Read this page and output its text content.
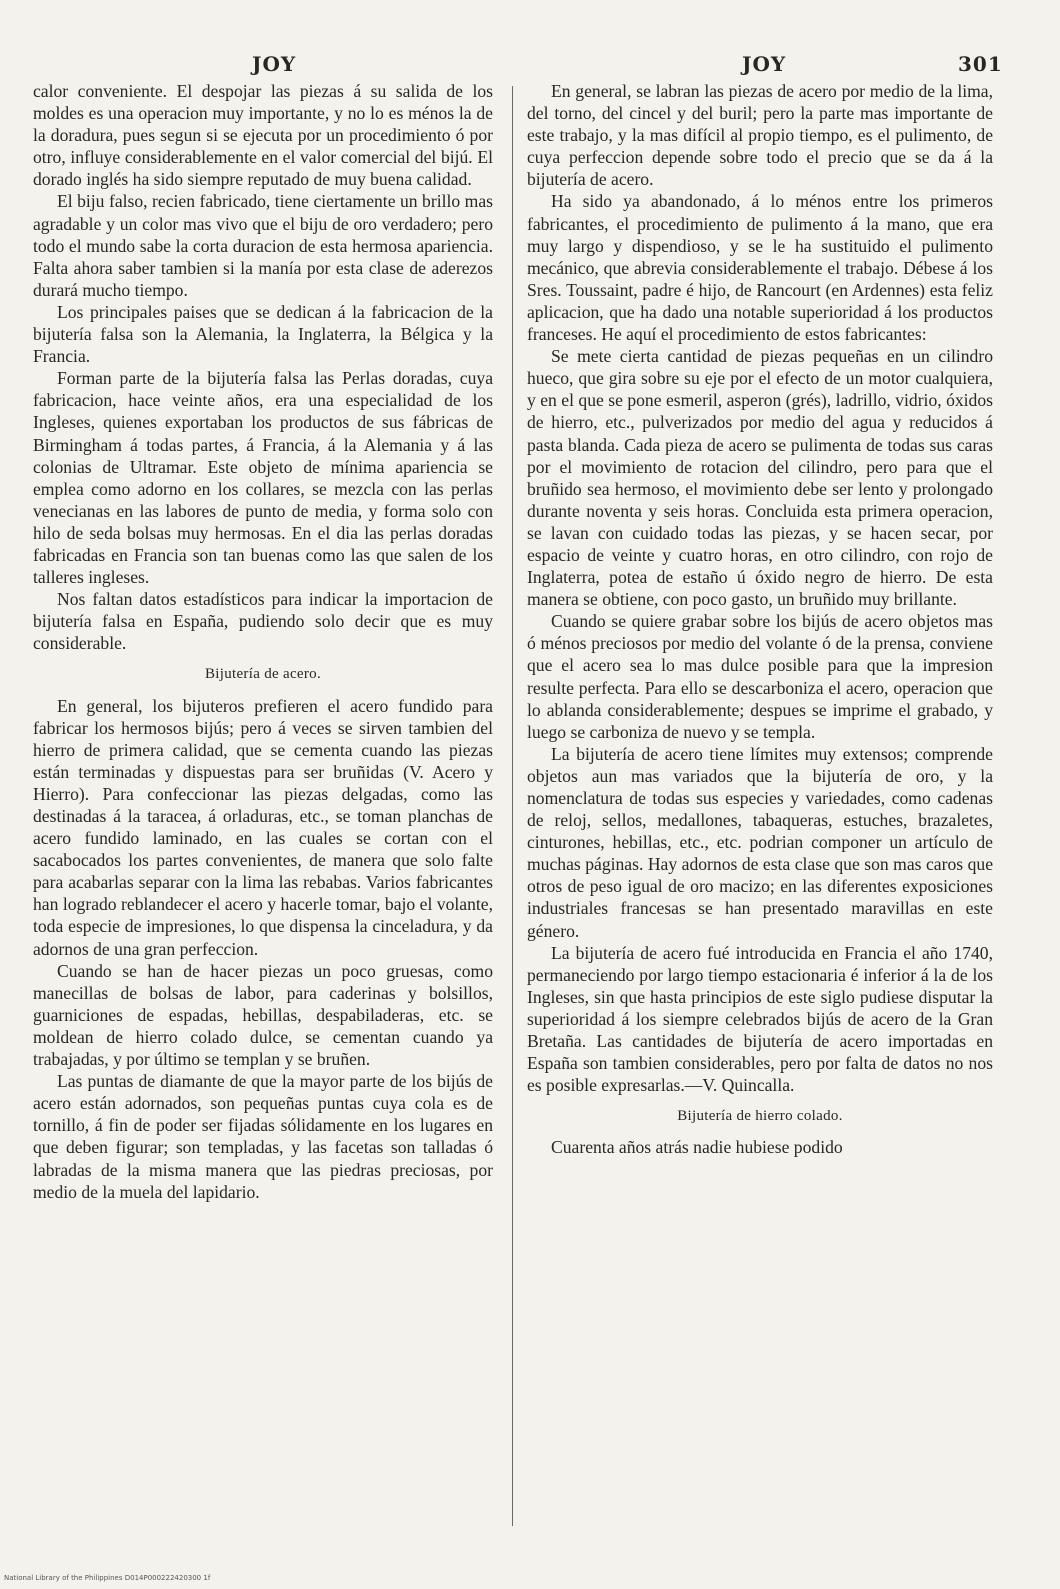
JOY	JOY	301

calor conveniente. El despojar las piezas á su salida de los moldes es una operacion muy importante, y no lo es ménos la de la doradura, pues segun si se ejecuta por un procedimiento ó por otro, influye considerablemente en el valor comercial del bijú. El dorado inglés ha sido siempre reputado de muy buena calidad.

El biju falso, recien fabricado, tiene ciertamente un brillo mas agradable y un color mas vivo que el biju de oro verdadero; pero todo el mundo sabe la corta duracion de esta hermosa apariencia. Falta ahora saber tambien si la manía por esta clase de aderezos durará mucho tiempo.

Los principales paises que se dedican á la fabricacion de la bijutería falsa son la Alemania, la Inglaterra, la Bélgica y la Francia.

Forman parte de la bijutería falsa las Perlas doradas, cuya fabricacion, hace veinte años, era una especialidad de los Ingleses, quienes exportaban los productos de sus fábricas de Birmingham á todas partes, á Francia, á la Alemania y á las colonias de Ultramar. Este objeto de mínima apariencia se emplea como adorno en los collares, se mezcla con las perlas venecianas en las labores de punto de media, y forma solo con hilo de seda bolsas muy hermosas. En el dia las perlas doradas fabricadas en Francia son tan buenas como las que salen de los talleres ingleses.

Nos faltan datos estadísticos para indicar la importacion de bijutería falsa en España, pudiendo solo decir que es muy considerable.

Bijutería de acero.

En general, los bijuteros prefieren el acero fundido para fabricar los hermosos bijús; pero á veces se sirven tambien del hierro de primera calidad, que se cementa cuando las piezas están terminadas y dispuestas para ser bruñidas (V. Acero y Hierro). Para confeccionar las piezas delgadas, como las destinadas á la taracea, á orladuras, etc., se toman planchas de acero fundido laminado, en las cuales se cortan con el sacabocados los partes convenientes, de manera que solo falte para acabarlas separar con la lima las rebabas. Varios fabricantes han logrado reblandecer el acero y hacerle tomar, bajo el volante, toda especie de impresiones, lo que dispensa la cinceladura, y da adornos de una gran perfeccion.

Cuando se han de hacer piezas un poco gruesas, como manecillas de bolsas de labor, para caderinas y bolsillos, guarniciones de espadas, hebillas, despabiladeras, etc. se moldean de hierro colado dulce, se cementan cuando ya trabajadas, y por último se templan y se bruñen.

Las puntas de diamante de que la mayor parte de los bijús de acero están adornados, son pequeñas puntas cuya cola es de tornillo, á fin de poder ser fijadas sólidamente en los lugares en que deben figurar; son templadas, y las facetas son talladas ó labradas de la misma manera que las piedras preciosas, por medio de la muela del lapidario.

En general, se labran las piezas de acero por medio de la lima, del torno, del cincel y del buril; pero la parte mas importante de este trabajo, y la mas difícil al propio tiempo, es el pulimento, de cuya perfeccion depende sobre todo el precio que se da á la bijutería de acero.

Ha sido ya abandonado, á lo ménos entre los primeros fabricantes, el procedimiento de pulimento á la mano, que era muy largo y dispendioso, y se le ha sustituido el pulimento mecánico, que abrevia considerablemente el trabajo. Débese á los Sres. Toussaint, padre é hijo, de Rancourt (en Ardennes) esta feliz aplicacion, que ha dado una notable superioridad á los productos franceses. He aquí el procedimiento de estos fabricantes:

Se mete cierta cantidad de piezas pequeñas en un cilindro hueco, que gira sobre su eje por el efecto de un motor cualquiera, y en el que se pone esmeril, asperon (grés), ladrillo, vidrio, óxidos de hierro, etc., pulverizados por medio del agua y reducidos á pasta blanda. Cada pieza de acero se pulimenta de todas sus caras por el movimiento de rotacion del cilindro, pero para que el bruñido sea hermoso, el movimiento debe ser lento y prolongado durante noventa y seis horas. Concluida esta primera operacion, se lavan con cuidado todas las piezas, y se hacen secar, por espacio de veinte y cuatro horas, en otro cilindro, con rojo de Inglaterra, potea de estaño ú óxido negro de hierro. De esta manera se obtiene, con poco gasto, un bruñido muy brillante.

Cuando se quiere grabar sobre los bijús de acero objetos mas ó ménos preciosos por medio del volante ó de la prensa, conviene que el acero sea lo mas dulce posible para que la impresion resulte perfecta. Para ello se descarboniza el acero, operacion que lo ablanda considerablemente; despues se imprime el grabado, y luego se carboniza de nuevo y se templa.

La bijutería de acero tiene límites muy extensos; comprende objetos aun mas variados que la bijutería de oro, y la nomenclatura de todas sus especies y variedades, como cadenas de reloj, sellos, medallones, tabaqueras, estuches, brazaletes, cinturones, hebillas, etc., etc. podrian componer un artículo de muchas páginas. Hay adornos de esta clase que son mas caros que otros de peso igual de oro macizo; en las diferentes exposiciones industriales francesas se han presentado maravillas en este género.

La bijutería de acero fué introducida en Francia el año 1740, permaneciendo por largo tiempo estacionaria é inferior á la de los Ingleses, sin que hasta principios de este siglo pudiese disputar la superioridad á los siempre celebrados bijús de acero de la Gran Bretaña. Las cantidades de bijutería de acero importadas en España son tambien considerables, pero por falta de datos no nos es posible expresarlas.—V. Quincalla.

Bijutería de hierro colado.

Cuarenta años atrás nadie hubiese podido

National Library of the Philippines D014P000222420300 1f
